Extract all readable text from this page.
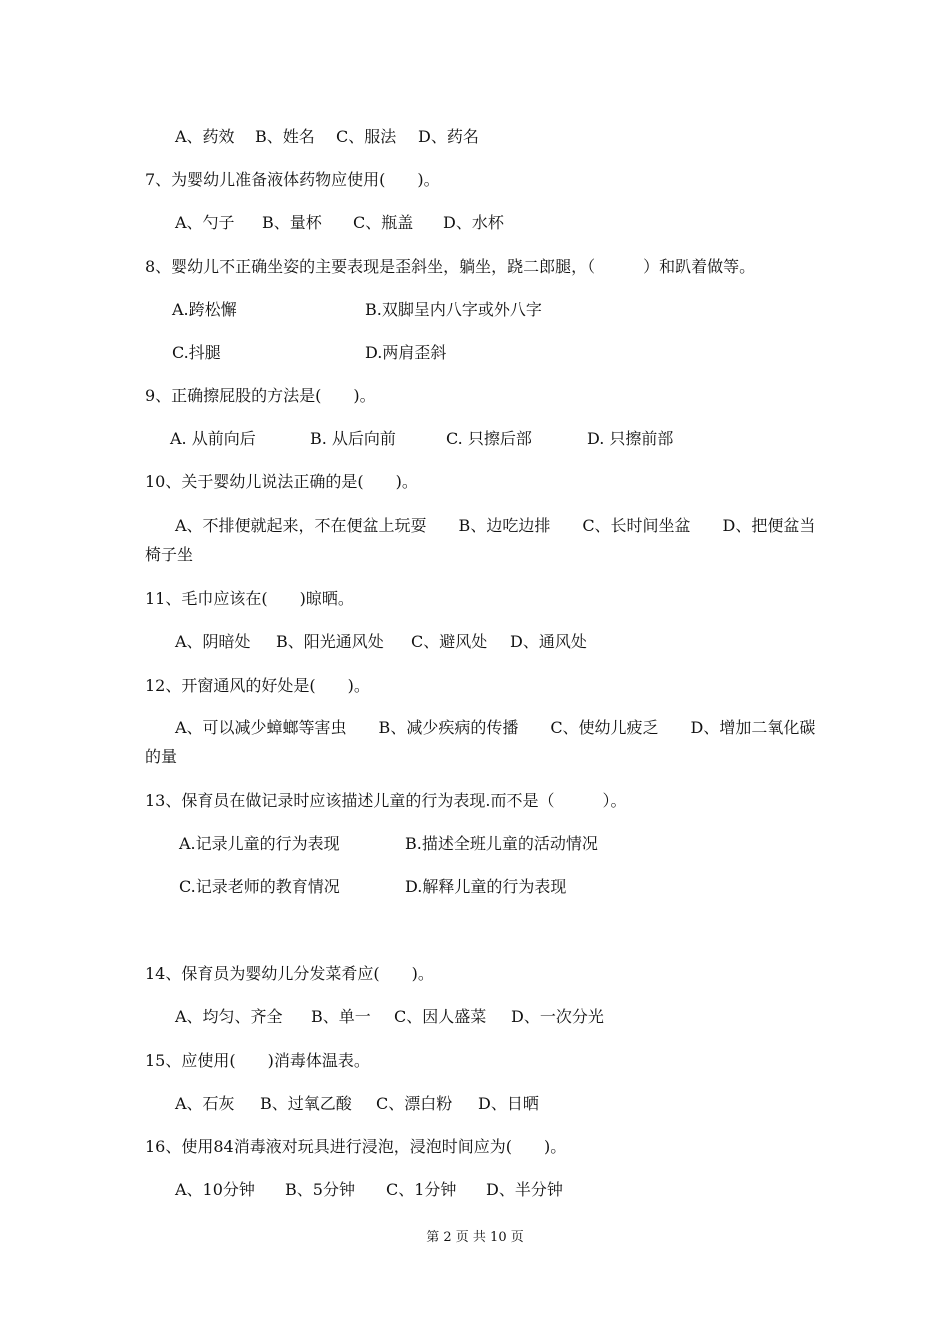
A、药效 B、姓名 C、服法 D、药名
7、为婴幼儿准备液体药物应使用(　　)。
A、勺子 B、量杯 C、瓶盖 D、水杯
8、婴幼儿不正确坐姿的主要表现是歪斜坐，躺坐，跷二郎腿，（　　　）和趴着做等。
A.跨松懈	B.双脚呈内八字或外八字
C.抖腿	D.两肩歪斜
9、正确擦屁股的方法是(　　)。
A. 从前向后	B. 从后向前	C. 只擦后部	D. 只擦前部
10、关于婴幼儿说法正确的是(　　)。
A、不排便就起来，不在便盆上玩耍　　B、边吃边排　　C、长时间坐盆　　D、把便盆当
椅子坐
11、毛巾应该在(　　)晾晒。
A、阴暗处 B、阳光通风处 C、避风处 D、通风处
12、开窗通风的好处是(　　)。
A、可以减少蟑螂等害虫　　B、减少疾病的传播　　C、使幼儿疲乏　　D、增加二氧化碳
的量
13、保育员在做记录时应该描述儿童的行为表现.而不是（　　　）。
A.记录儿童的行为表现	B.描述全班儿童的活动情况
C.记录老师的教育情况	D.解释儿童的行为表现
14、保育员为婴幼儿分发菜肴应(　　)。
A、均匀、齐全 B、单一 C、因人盛菜 D、一次分光
15、应使用(　　)消毒体温表。
A、石灰 B、过氧乙酸 C、漂白粉 D、日晒
16、使用84消毒液对玩具进行浸泡，浸泡时间应为(　　)。
A、10分钟 B、5分钟 C、1分钟 D、半分钟
第 2 页 共 10 页
